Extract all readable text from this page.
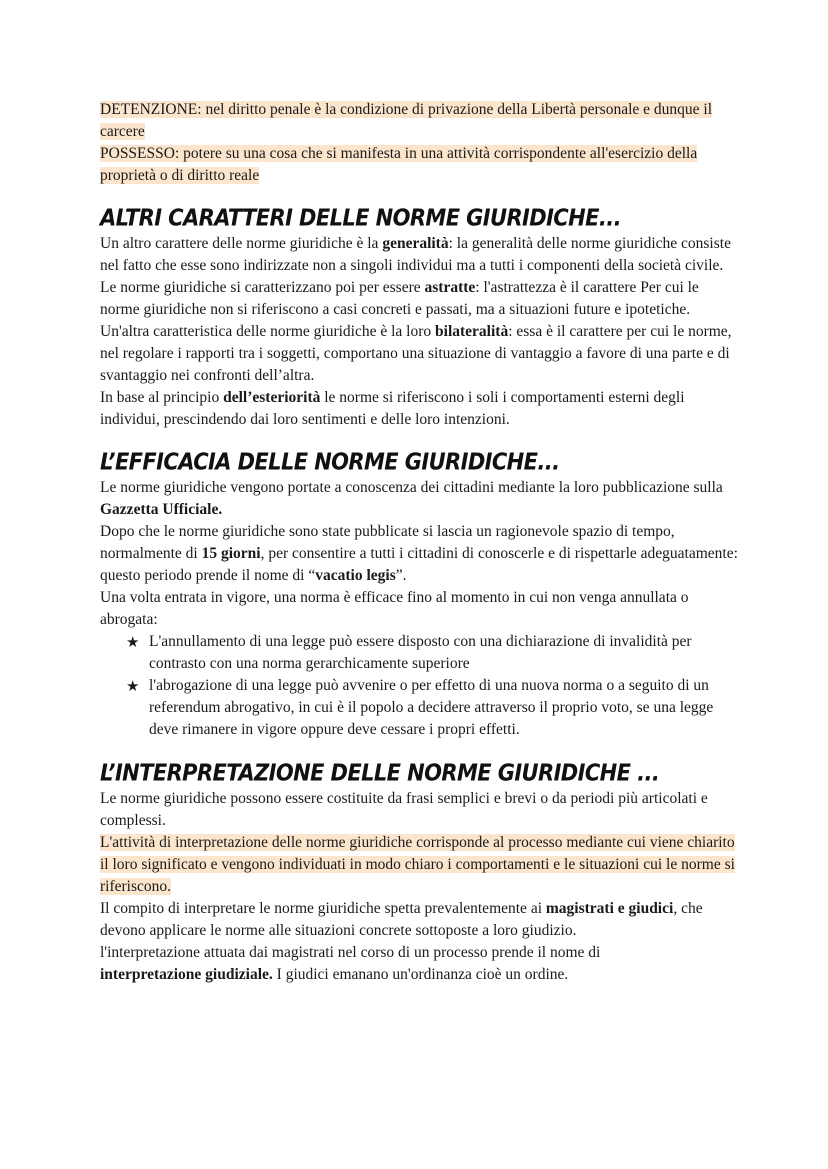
DETENZIONE: nel diritto penale è la condizione di privazione della Libertà personale e dunque il carcere

POSSESSO: potere su una cosa che si manifesta in una attività corrispondente all'esercizio della proprietà o di diritto reale

ALTRI CARATTERI DELLE NORME GIURIDICHE...

Un altro carattere delle norme giuridiche è la generalità: la generalità delle norme giuridiche consiste nel fatto che esse sono indirizzate non a singoli individui ma a tutti i componenti della società civile.

Le norme giuridiche si caratterizzano poi per essere astratte: l'astrattezza è il carattere Per cui le norme giuridiche non si riferiscono a casi concreti e passati, ma a situazioni future e ipotetiche.

Un'altra caratteristica delle norme giuridiche è la loro bilateralità: essa è il carattere per cui le norme, nel regolare i rapporti tra i soggetti, comportano una situazione di vantaggio a favore di una parte e di svantaggio nei confronti dell’altra.

In base al principio dell’esteriorità le norme si riferiscono i soli i comportamenti esterni degli individui, prescindendo dai loro sentimenti e delle loro intenzioni.

L’EFFICACIA DELLE NORME GIURIDICHE...

Le norme giuridiche vengono portate a conoscenza dei cittadini mediante la loro pubblicazione sulla Gazzetta Ufficiale.

Dopo che le norme giuridiche sono state pubblicate si lascia un ragionevole spazio di tempo, normalmente di 15 giorni, per consentire a tutti i cittadini di conoscerle e di rispettarle adeguatamente: questo periodo prende il nome di “vacatio legis”.

Una volta entrata in vigore, una norma è efficace fino al momento in cui non venga annullata o abrogata:

★ L'annullamento di una legge può essere disposto con una dichiarazione di invalidità per contrasto con una norma gerarchicamente superiore
★ l'abrogazione di una legge può avvenire o per effetto di una nuova norma o a seguito di un referendum abrogativo, in cui è il popolo a decidere attraverso il proprio voto, se una legge deve rimanere in vigore oppure deve cessare i propri effetti.
L’INTERPRETAZIONE DELLE NORME GIURIDICHE ...

Le norme giuridiche possono essere costituite da frasi semplici e brevi o da periodi più articolati e complessi.

L'attività di interpretazione delle norme giuridiche corrisponde al processo mediante cui viene chiarito il loro significato e vengono individuati in modo chiaro i comportamenti e le situazioni cui le norme si riferiscono.

Il compito di interpretare le norme giuridiche spetta prevalentemente ai magistrati e giudici, che devono applicare le norme alle situazioni concrete sottoposte a loro giudizio.

l'interpretazione attuata dai magistrati nel corso di un processo prende il nome di

interpretazione giudiziale. I giudici emanano un'ordinanza cioè un ordine.
